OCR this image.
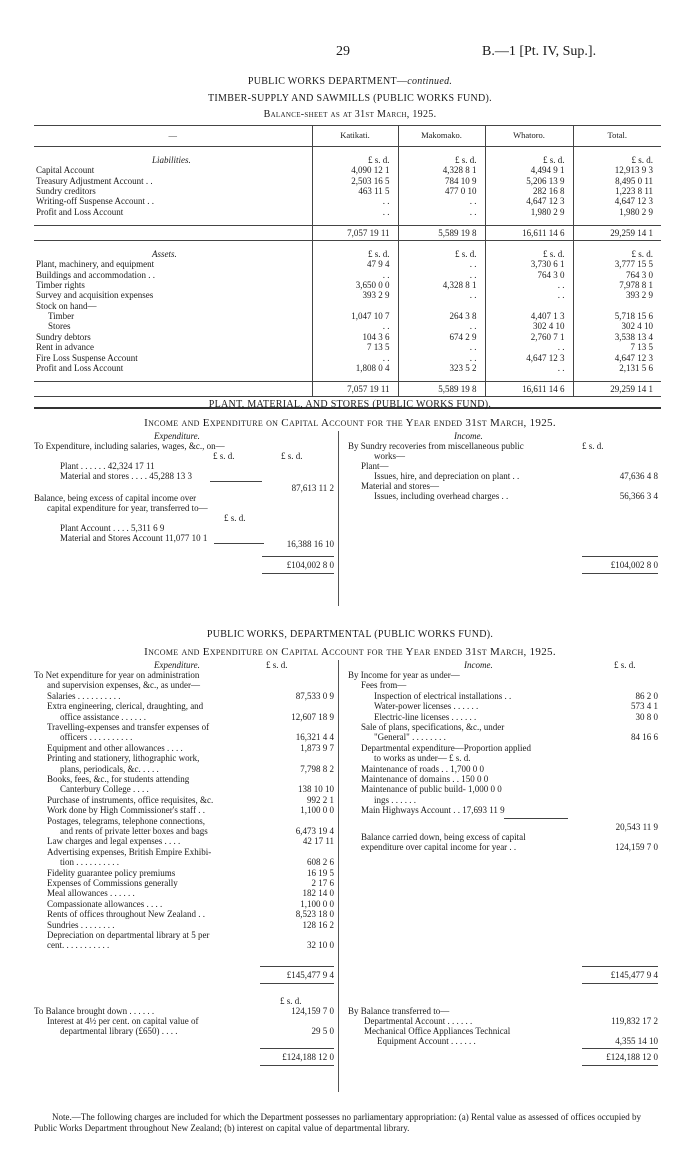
29	B.—1 [Pt. IV, Sup.].
PUBLIC WORKS DEPARTMENT—continued.
TIMBER-SUPPLY AND SAWMILLS (PUBLIC WORKS FUND).
Balance-sheet as at 31st March, 1925.
—	Katikati.	Makomako.	Whatoro.	Total.

Liabilities.	£ s. d.	£ s. d.	£ s. d.	£ s. d.
Capital Account	4,090 12 1	4,328 8 1	4,494 9 1	12,913 9 3
Treasury Adjustment Account . .	2,503 16 5	784 10 9	5,206 13 9	8,495 0 11
Sundry creditors	463 11 5	477 0 10	282 16 8	1,223 8 11
Writing-off Suspense Account . .	. .	. .	4,647 12 3	4,647 12 3
Profit and Loss Account	. .	. .	1,980 2 9	1,980 2 9

	7,057 19 11	5,589 19 8	16,611 14 6	29,259 14 1

Assets.	£ s. d.	£ s. d.	£ s. d.	£ s. d.
Plant, machinery, and equipment	47 9 4	. .	3,730 6 1	3,777 15 5
Buildings and accommodation . .	. .	. .	764 3 0	764 3 0
Timber rights	3,650 0 0	4,328 8 1	. .	7,978 8 1
Survey and acquisition expenses	393 2 9	. .	. .	393 2 9
Stock on hand—				
Timber	1,047 10 7	264 3 8	4,407 1 3	5,718 15 6
Stores	. .	. .	302 4 10	302 4 10
Sundry debtors	104 3 6	674 2 9	2,760 7 1	3,538 13 4
Rent in advance	7 13 5	. .	. .	7 13 5
Fire Loss Suspense Account	. .	. .	4,647 12 3	4,647 12 3
Profit and Loss Account	1,808 0 4	323 5 2	. .	2,131 5 6

	7,057 19 11	5,589 19 8	16,611 14 6	29,259 14 1

PLANT, MATERIAL, AND STORES (PUBLIC WORKS FUND).
Income and Expenditure on Capital Account for the Year ended 31st March, 1925.
Expenditure.	Income.
To Expenditure, including salaries, wages, &c., on—
£ s. d.	£ s. d.
Plant . . . . . . 42,324 17 11
Material and stores . . . . 45,288 13 3
87,613 11 2
Balance, being excess of capital income over
capital expenditure for year, transferred to—
£ s. d.
Plant Account . . . . 5,311 6 9
Material and Stores Account 11,077 10 1
16,388 16 10
£104,002 8 0
By Sundry recoveries from miscellaneous public	£ s. d.
works—
Plant—
Issues, hire, and depreciation on plant . .	47,636 4 8
Material and stores—
Issues, including overhead charges . .	56,366 3 4
£104,002 8 0
PUBLIC WORKS, DEPARTMENTAL (PUBLIC WORKS FUND).
Income and Expenditure on Capital Account for the Year ended 31st March, 1925.
Expenditure.	£ s. d.	Income.	£ s. d.
To Net expenditure for year on administration
and supervision expenses, &c., as under—
Salaries . . . . . . . . . .	87,533 0 9
Extra engineering, clerical, draughting, and
office assistance . . . . . .	12,607 18 9
Travelling-expenses and transfer expenses of
officers . . . . . . . . . .	16,321 4 4
Equipment and other allowances . . . .	1,873 9 7
Printing and stationery, lithographic work,
plans, periodicals, &c. . . . .	7,798 8 2
Books, fees, &c., for students attending
Canterbury College . . . .	138 10 10
Purchase of instruments, office requisites, &c.	992 2 1
Work done by High Commissioner's staff . .	1,100 0 0
Postages, telegrams, telephone connections,
and rents of private letter boxes and bags	6,473 19 4
Law charges and legal expenses . . . .	42 17 11
Advertising expenses, British Empire Exhibi-
tion . . . . . . . . . .	608 2 6
Fidelity guarantee policy premiums	16 19 5
Expenses of Commissions generally	2 17 6
Meal allowances . . . . . .	182 14 0
Compassionate allowances . . . .	1,100 0 0
Rents of offices throughout New Zealand . .	8,523 18 0
Sundries . . . . . . . .	128 16 2
Depreciation on departmental library at 5 per
cent. . . . . . . . . . .	32 10 0
By Income for year as under—
Fees from—
Inspection of electrical installations . .	86 2 0
Water-power licenses . . . . . .	573 4 1
Electric-line licenses . . . . . .	30 8 0
Sale of plans, specifications, &c., under
"General" . . . . . . . .	84 16 6
Departmental expenditure—Proportion applied
to works as under— £ s. d.
Maintenance of roads . . 1,700 0 0
Maintenance of domains . . 150 0 0
Maintenance of public build- 1,000 0 0
ings . . . . . .
Main Highways Account . . 17,693 11 9
20,543 11 9
Balance carried down, being excess of capital
expenditure over capital income for year . .	124,159 7 0
£145,477 9 4	£145,477 9 4
£ s. d.
To Balance brought down . . . . . .	124,159 7 0
Interest at 4½ per cent. on capital value of
departmental library (£650) . . . .	29 5 0
£124,188 12 0
By Balance transferred to—
Departmental Account . . . . . .	119,832 17 2
Mechanical Office Appliances Technical
Equipment Account . . . . . .	4,355 14 10
£124,188 12 0
Note.—The following charges are included for which the Department possesses no parliamentary appropriation: (a) Rental value as assessed of offices occupied by Public Works Department throughout New Zealand; (b) interest on capital value of departmental library.
